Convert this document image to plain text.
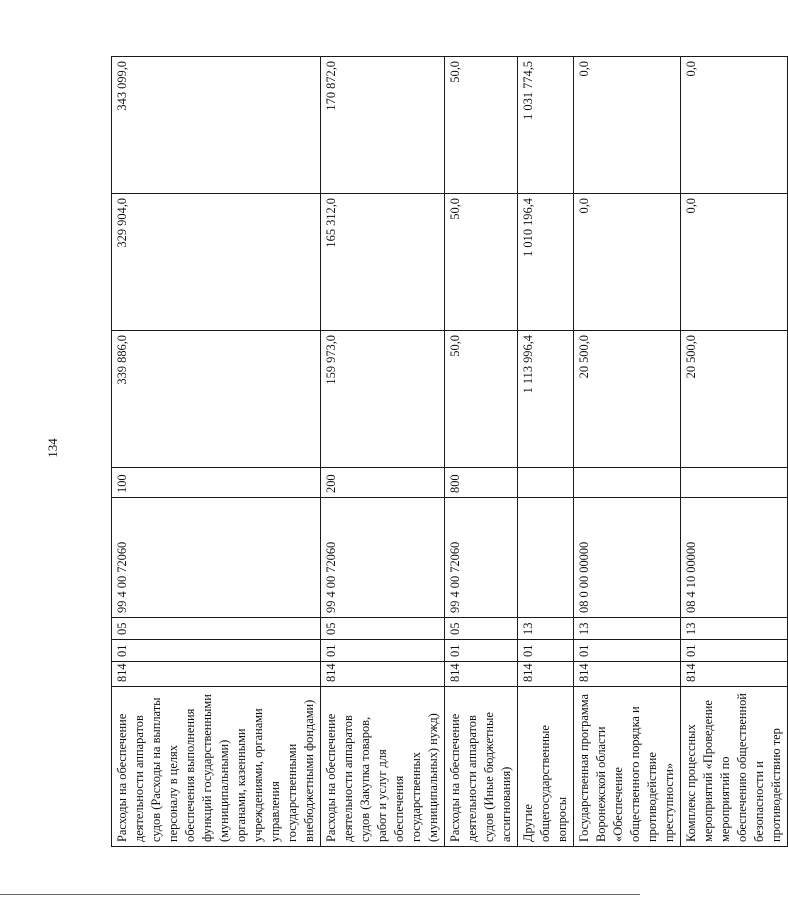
134
Расходы на обеспечение деятельности аппаратов судов (Расходы на выплаты персоналу в целях обеспечения выполнения функций государственными (муниципальными) органами, казенными учреждениями, органами управления государственными внебюджетными фондами)	814	01	05	99 4 00 72060	100	339 886,0	329 904,0	343 099,0
Расходы на обеспечение деятельности аппаратов судов (Закупка товаров, работ и услуг для обеспечения государственных (муниципальных) нужд)	814	01	05	99 4 00 72060	200	159 973,0	165 312,0	170 872,0
Расходы на обеспечение деятельности аппаратов судов (Иные бюджетные ассигнования)	814	01	05	99 4 00 72060	800	50,0	50,0	50,0
Другие общегосударственные вопросы	814	01	13			1 113 996,4	1 010 196,4	1 031 774,5
Государственная программа Воронежской области «Обеспечение общественного порядка и противодействие преступности»	814	01	13	08 0 00 00000		20 500,0	0,0	0,0
Комплекс процессных мероприятий «Проведение мероприятий по обеспечению общественной безопасности и противодействию тер	814	01	13	08 4 10 00000		20 500,0	0,0	0,0
